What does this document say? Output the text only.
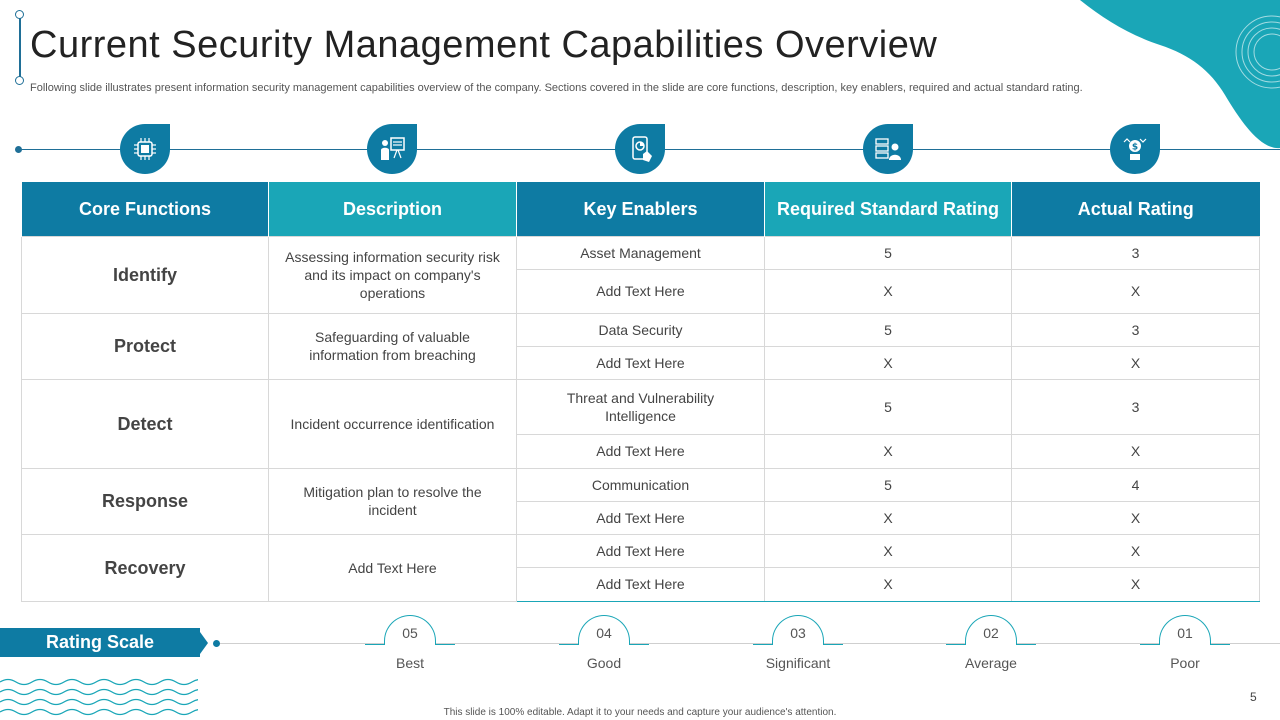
Current Security Management Capabilities Overview

Following slide illustrates present information security management capabilities overview of the company. Sections covered in the slide are core functions, description, key enablers, required and actual standard rating.

$
Core Functions	Description	Key Enablers	Required Standard Rating	Actual Rating
Identify	Assessing information security risk and its impact on company's operations	Asset Management	5	3
		Add Text Here	X	X
Protect	Safeguarding of valuable information from breaching	Data Security	5	3
		Add Text Here	X	X
Detect	Incident occurrence identification	Threat and Vulnerability Intelligence	5	3
		Add Text Here	X	X
Response	Mitigation plan to resolve the incident	Communication	5	4
		Add Text Here	X	X
Recovery	Add Text Here	Add Text Here	X	X
		Add Text Here	X	X
Rating Scale	05
Best
04
Good
03
Significant
02
Average
01
Poor
This slide is 100% editable. Adapt it to your needs and capture your audience's attention.
5
